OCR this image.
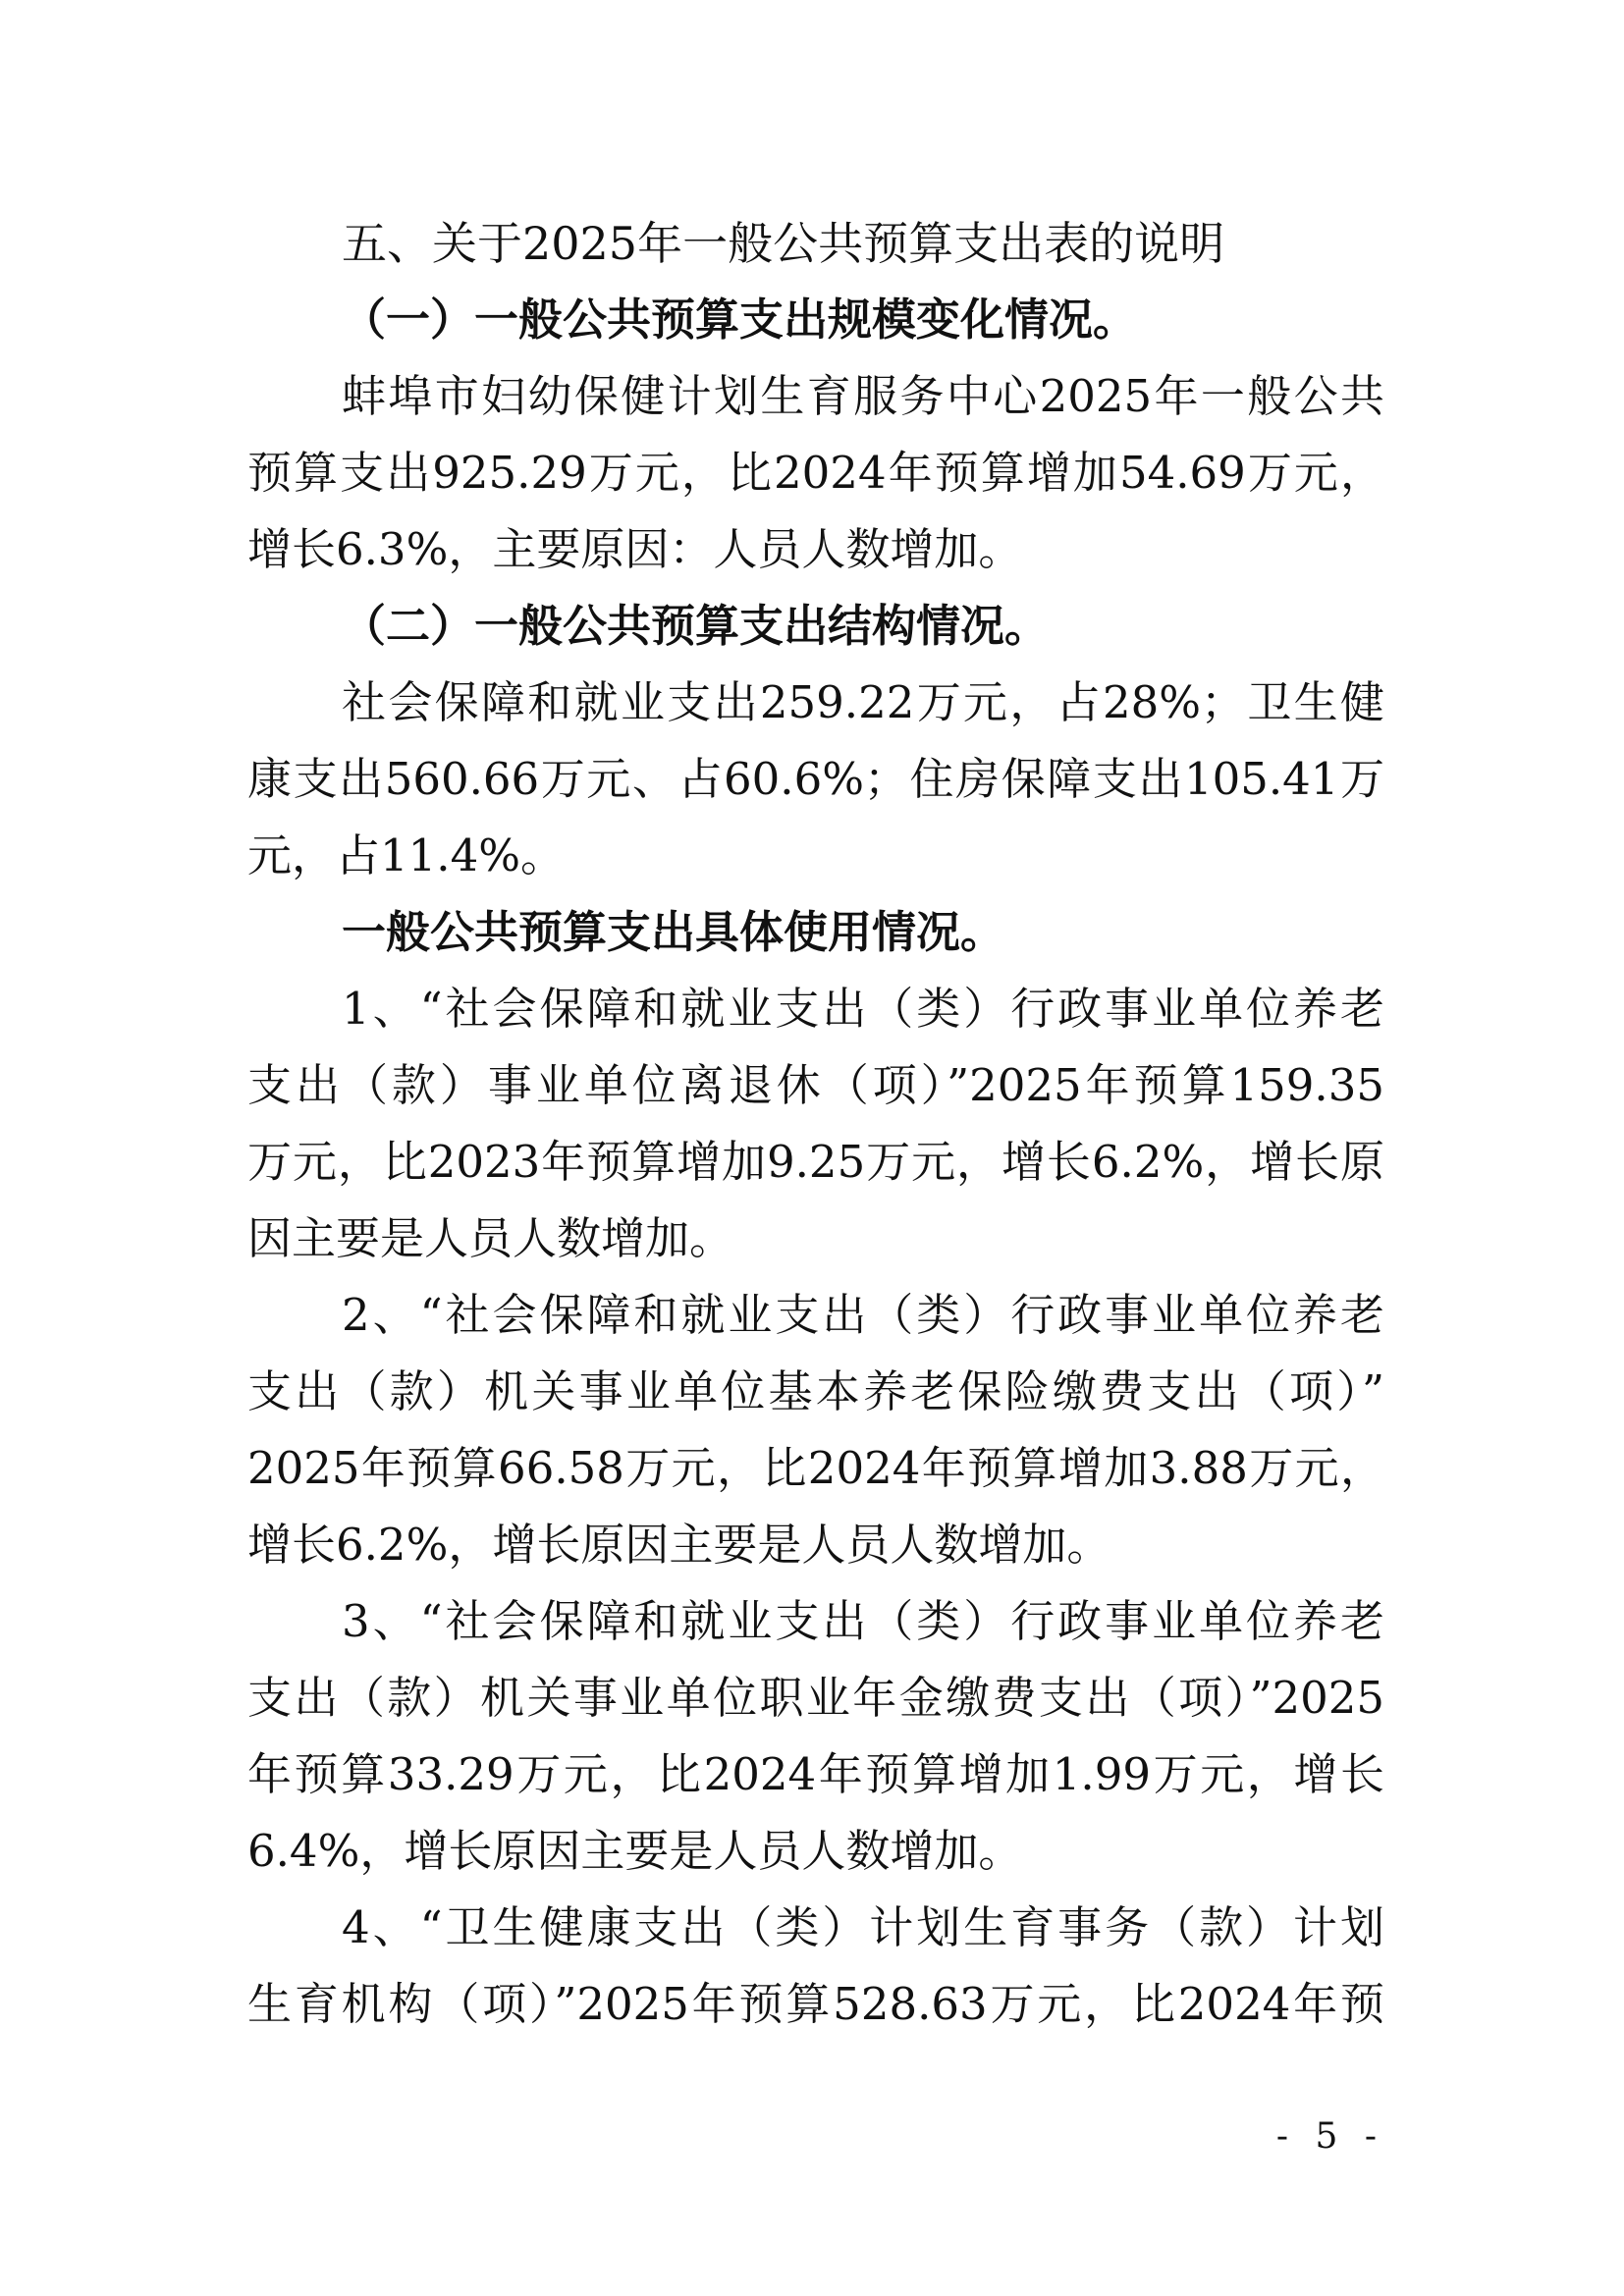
五、关于2025年一般公共预算支出表的说明
（一）一般公共预算支出规模变化情况。
蚌埠市妇幼保健计划生育服务中心2025年一般公共
预算支出925.29万元，比2024年预算增加54.69万元，
增长6.3%，主要原因：人员人数增加。
（二）一般公共预算支出结构情况。
社会保障和就业支出259.22万元，占28%；卫生健
康支出560.66万元、占60.6%；住房保障支出105.41万
元，占11.4%。
一般公共预算支出具体使用情况。
1、“社会保障和就业支出（类）行政事业单位养老
支出（款）事业单位离退休（项）”2025年预算159.35
万元，比2023年预算增加9.25万元，增长6.2%，增长原
因主要是人员人数增加。
2、“社会保障和就业支出（类）行政事业单位养老
支出（款）机关事业单位基本养老保险缴费支出（项）”
2025年预算66.58万元，比2024年预算增加3.88万元，
增长6.2%，增长原因主要是人员人数增加。
3、“社会保障和就业支出（类）行政事业单位养老
支出（款）机关事业单位职业年金缴费支出（项）”2025
年预算33.29万元，比2024年预算增加1.99万元，增长
6.4%，增长原因主要是人员人数增加。
4、“卫生健康支出（类）计划生育事务（款）计划
生育机构（项）”2025年预算528.63万元，比2024年预
- 5 -
